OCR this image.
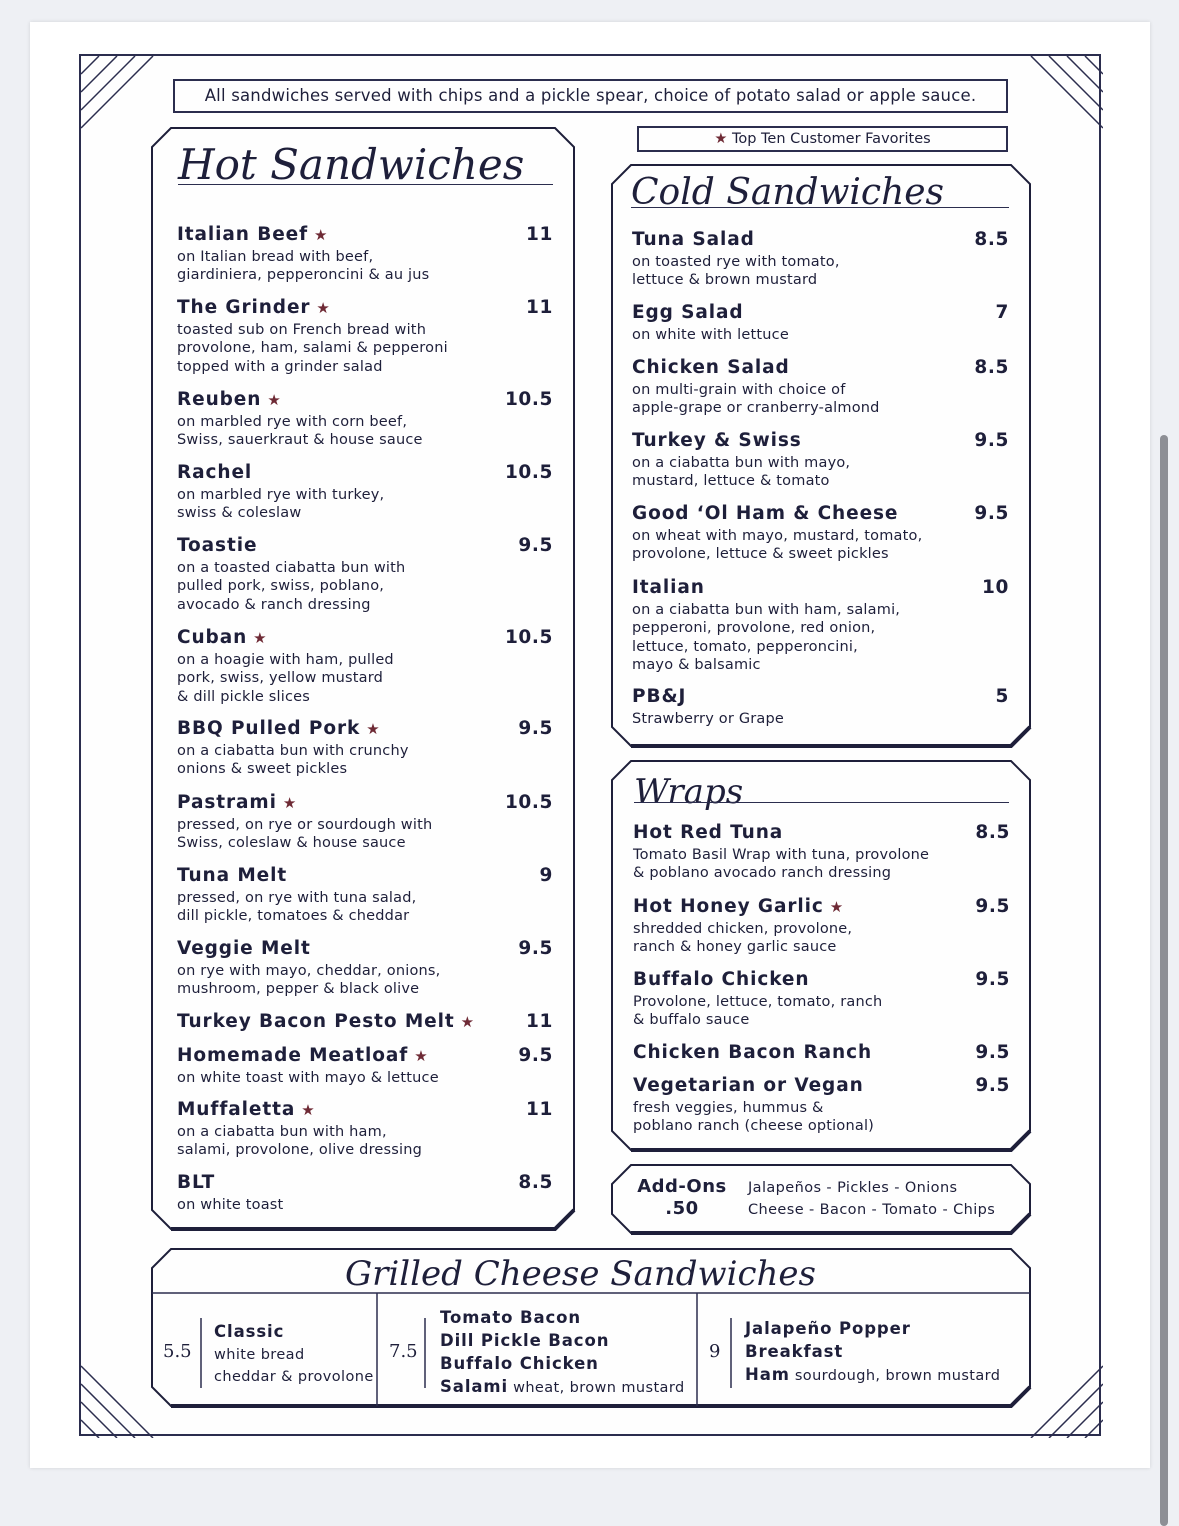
All sandwiches served with chips and a pickle spear, choice of potato salad or apple sauce.
★ Top Ten Customer Favorites
Hot Sandwiches
Cold Sandwiches
Wraps
Grilled Cheese Sandwiches
Add-Ons
.50
Jalapeños - Pickles - Onions
Cheese - Bacon - Tomato - Chips
5.5
Classic
white bread
cheddar & provolone
7.5
Tomato Bacon
Dill Pickle Bacon
Buffalo Chicken
Salami wheat, brown mustard
9
Jalapeño Popper
Breakfast
Ham sourdough, brown mustard
Italian Beef ★	11
on Italian bread with beef,
giardiniera, pepperoncini & au jus
The Grinder ★	11
toasted sub on French bread with
provolone, ham, salami & pepperoni
topped with a grinder salad
Reuben ★	10.5
on marbled rye with corn beef,
Swiss, sauerkraut & house sauce
Rachel	10.5
on marbled rye with turkey,
swiss & coleslaw
Toastie	9.5
on a toasted ciabatta bun with
pulled pork, swiss, poblano,
avocado & ranch dressing
Cuban ★	10.5
on a hoagie with ham, pulled
pork, swiss, yellow mustard
& dill pickle slices
BBQ Pulled Pork ★	9.5
on a ciabatta bun with crunchy
onions & sweet pickles
Pastrami ★	10.5
pressed, on rye or sourdough with
Swiss, coleslaw & house sauce
Tuna Melt	9
pressed, on rye with tuna salad,
dill pickle, tomatoes & cheddar
Veggie Melt	9.5
on rye with mayo, cheddar, onions,
mushroom, pepper & black olive
Turkey Bacon Pesto Melt ★	11
Homemade Meatloaf ★	9.5
on white toast with mayo & lettuce
Muffaletta ★	11
on a ciabatta bun with ham,
salami, provolone, olive dressing
BLT	8.5
on white toast
Tuna Salad	8.5
on toasted rye with tomato,
lettuce & brown mustard
Egg Salad	7
on white with lettuce
Chicken Salad	8.5
on multi-grain with choice of
apple-grape or cranberry-almond
Turkey & Swiss	9.5
on a ciabatta bun with mayo,
mustard, lettuce & tomato
Good ‘Ol Ham & Cheese	9.5
on wheat with mayo, mustard, tomato,
provolone, lettuce & sweet pickles
Italian	10
on a ciabatta bun with ham, salami,
pepperoni, provolone, red onion,
lettuce, tomato, pepperoncini,
mayo & balsamic
PB&J	5
Strawberry or Grape
Hot Red Tuna	8.5
Tomato Basil Wrap with tuna, provolone
& poblano avocado ranch dressing
Hot Honey Garlic ★	9.5
shredded chicken, provolone,
ranch & honey garlic sauce
Buffalo Chicken	9.5
Provolone, lettuce, tomato, ranch
& buffalo sauce
Chicken Bacon Ranch	9.5
Vegetarian or Vegan	9.5
fresh veggies, hummus &
poblano ranch (cheese optional)
